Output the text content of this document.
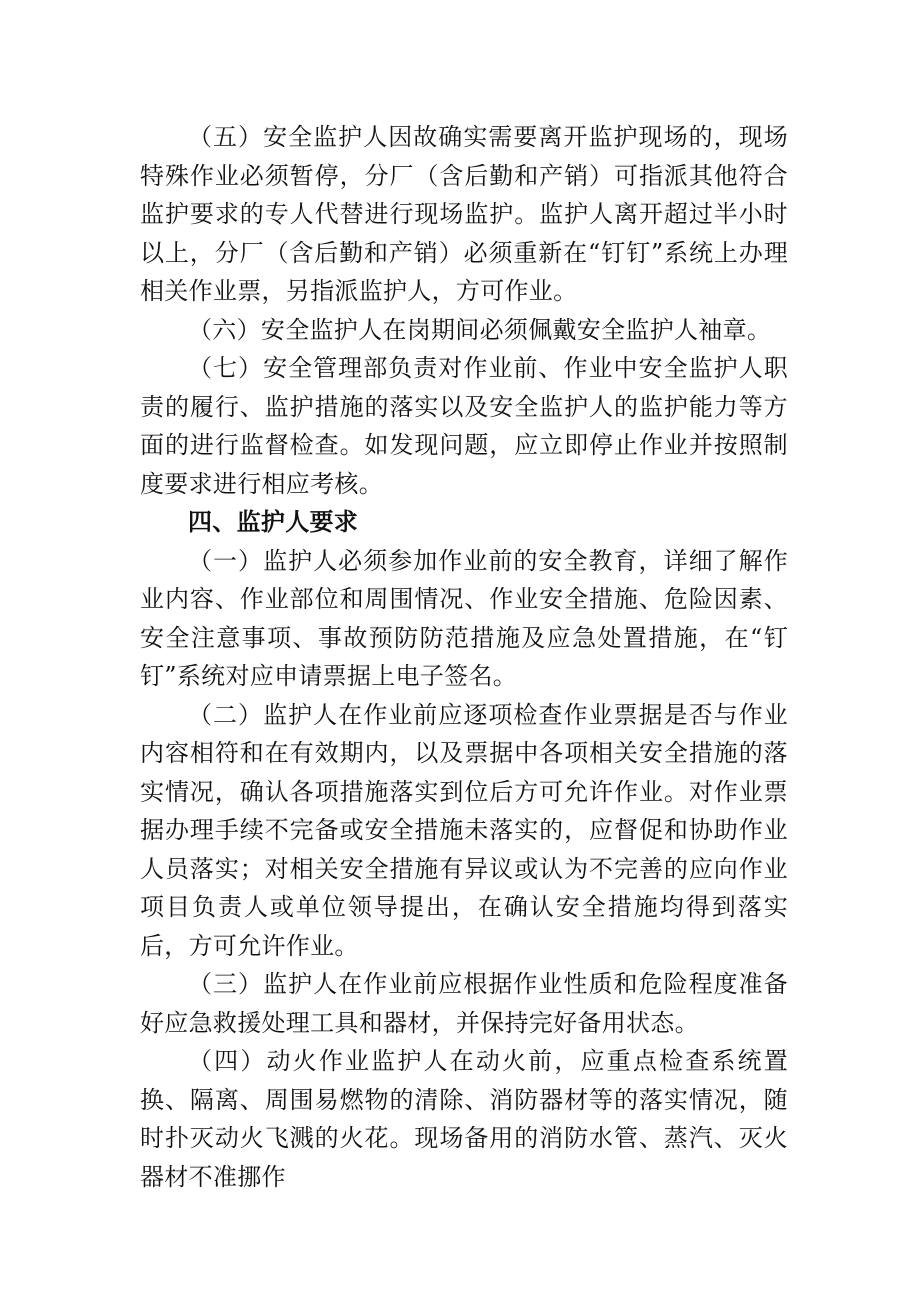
（五）安全监护人因故确实需要离开监护现场的，现场特殊作业必须暂停，分厂（含后勤和产销）可指派其他符合监护要求的专人代替进行现场监护。监护人离开超过半小时以上，分厂（含后勤和产销）必须重新在“钉钉”系统上办理相关作业票，另指派监护人，方可作业。

（六）安全监护人在岗期间必须佩戴安全监护人袖章。

（七）安全管理部负责对作业前、作业中安全监护人职责的履行、监护措施的落实以及安全监护人的监护能力等方面的进行监督检查。如发现问题，应立即停止作业并按照制度要求进行相应考核。

四、监护人要求

（一）监护人必须参加作业前的安全教育，详细了解作业内容、作业部位和周围情况、作业安全措施、危险因素、安全注意事项、事故预防防范措施及应急处置措施，在“钉钉”系统对应申请票据上电子签名。

（二）监护人在作业前应逐项检查作业票据是否与作业内容相符和在有效期内，以及票据中各项相关安全措施的落实情况，确认各项措施落实到位后方可允许作业。对作业票据办理手续不完备或安全措施未落实的，应督促和协助作业人员落实；对相关安全措施有异议或认为不完善的应向作业项目负责人或单位领导提出，在确认安全措施均得到落实后，方可允许作业。

（三）监护人在作业前应根据作业性质和危险程度准备好应急救援处理工具和器材，并保持完好备用状态。

（四）动火作业监护人在动火前，应重点检查系统置换、隔离、周围易燃物的清除、消防器材等的落实情况，随时扑灭动火飞溅的火花。现场备用的消防水管、蒸汽、灭火器材不准挪作
